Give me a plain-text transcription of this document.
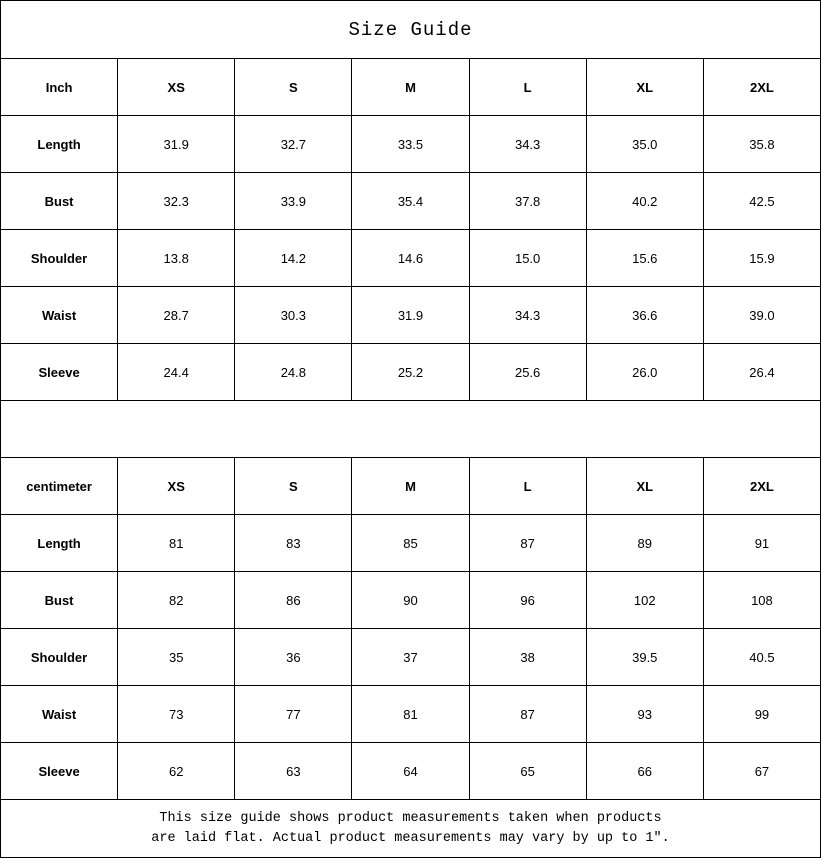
Size Guide						
Inch	XS	S	M	L	XL	2XL
Length	31.9	32.7	33.5	34.3	35.0	35.8
Bust	32.3	33.9	35.4	37.8	40.2	42.5
Shoulder	13.8	14.2	14.6	15.0	15.6	15.9
Waist	28.7	30.3	31.9	34.3	36.6	39.0
Sleeve	24.4	24.8	25.2	25.6	26.0	26.4

centimeter	XS	S	M	L	XL	2XL
Length	81	83	85	87	89	91
Bust	82	86	90	96	102	108
Shoulder	35	36	37	38	39.5	40.5
Waist	73	77	81	87	93	99
Sleeve	62	63	64	65	66	67

This size guide shows product measurements taken when products
are laid flat. Actual product measurements may vary by up to 1″.						
